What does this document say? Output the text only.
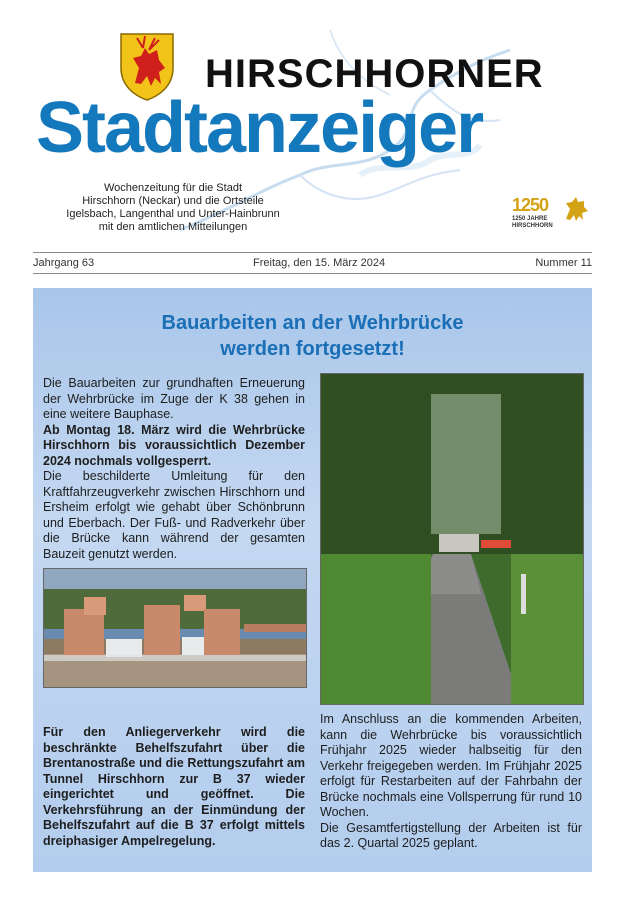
HIRSCHHORNER
Stadtanzeiger
Wochenzeitung für die Stadt
Hirschhorn (Neckar) und die Ortsteile
Igelsbach, Langenthal und Unter-Hainbrunn
mit den amtlichen Mitteilungen
1250
1250 JAHRE
HIRSCHHORN
Jahrgang 63	Freitag, den 15. März 2024	Nummer 11
Bauarbeiten an der Wehrbrücke
werden fortgesetzt!

Die Bauarbeiten zur grundhaften Erneuerung der Wehrbrücke im Zuge der K 38 gehen in eine weitere Bauphase.

Ab Montag 18. März wird die Wehrbrücke Hirschhorn bis voraussichtlich Dezember 2024 nochmals vollgesperrt.

Die beschilderte Umleitung für den Kraftfahrzeugverkehr zwischen Hirschhorn und Ersheim erfolgt wie gehabt über Schönbrunn und Eberbach. Der Fuß- und Radverkehr über die Brücke kann während der gesamten Bauzeit genutzt werden.

Für den Anliegerverkehr wird die beschränkte Behelfszufahrt über die Brentanostraße und die Rettungszufahrt am Tunnel Hirschhorn zur B 37 wieder eingerichtet und geöffnet. Die Verkehrsführung an der Einmündung der Behelfszufahrt auf die B 37 erfolgt mittels dreiphasiger Ampelregelung.

Im Anschluss an die kommenden Arbeiten, kann die Wehrbrücke bis voraussichtlich Frühjahr 2025 wieder halbseitig für den Verkehr freigegeben werden. Im Frühjahr 2025 erfolgt für Restarbeiten auf der Fahrbahn der Brücke nochmals eine Vollsperrung für rund 10 Wochen.

Die Gesamtfertigstellung der Arbeiten ist für das 2. Quartal 2025 geplant.
